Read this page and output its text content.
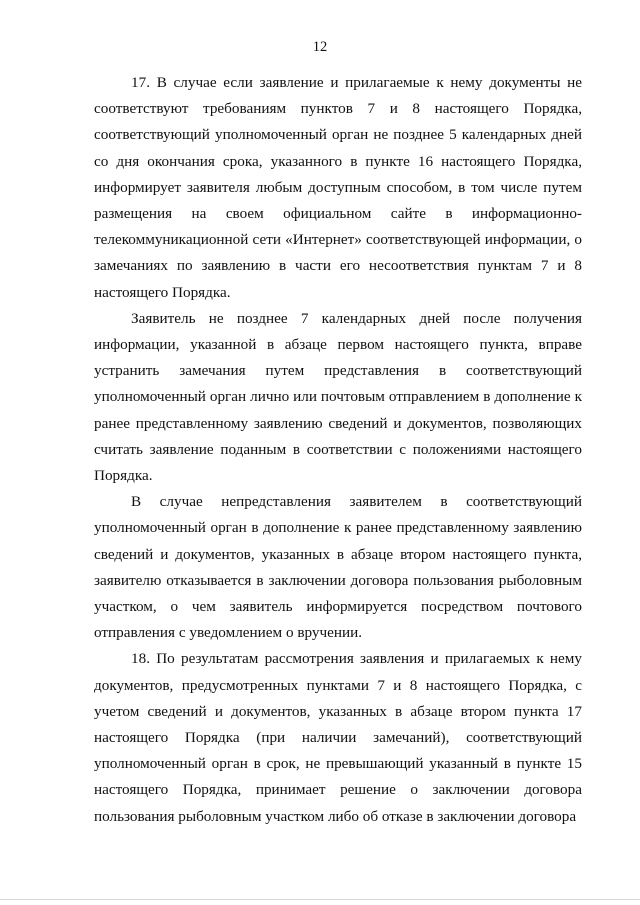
12

17. В случае если заявление и прилагаемые к нему документы не соответствуют требованиям пунктов 7 и 8 настоящего Порядка, соответствующий уполномоченный орган не позднее 5 календарных дней со дня окончания срока, указанного в пункте 16 настоящего Порядка, информирует заявителя любым доступным способом, в том числе путем размещения на своем официальном сайте в информационно-телекоммуникационной сети «Интернет» соответствующей информации, о замечаниях по заявлению в части его несоответствия пунктам 7 и 8 настоящего Порядка.

Заявитель не позднее 7 календарных дней после получения информации, указанной в абзаце первом настоящего пункта, вправе устранить замечания путем представления в соответствующий уполномоченный орган лично или почтовым отправлением в дополнение к ранее представленному заявлению сведений и документов, позволяющих считать заявление поданным в соответствии с положениями настоящего Порядка.

В случае непредставления заявителем в соответствующий уполномоченный орган в дополнение к ранее представленному заявлению сведений и документов, указанных в абзаце втором настоящего пункта, заявителю отказывается в заключении договора пользования рыболовным участком, о чем заявитель информируется посредством почтового отправления с уведомлением о вручении.

18. По результатам рассмотрения заявления и прилагаемых к нему документов, предусмотренных пунктами 7 и 8 настоящего Порядка, с учетом сведений и документов, указанных в абзаце втором пункта 17 настоящего Порядка (при наличии замечаний), соответствующий уполномоченный орган в срок, не превышающий указанный в пункте 15 настоящего Порядка, принимает решение о заключении договора пользования рыболовным участком либо об отказе в заключении договора
